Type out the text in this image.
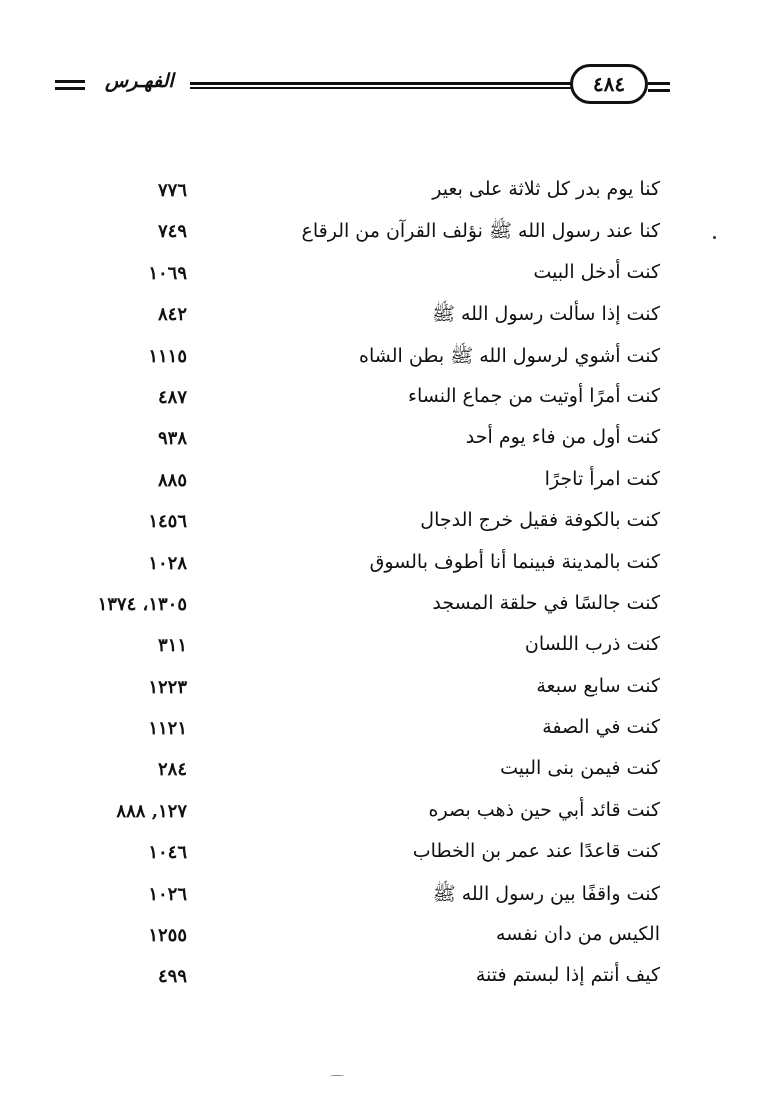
الفهـرس	٤٨٤
كنا يوم بدر كل ثلاثة على بعير
٧٧٦
كنا عند رسول الله ﷺ نؤلف القرآن من الرقاع
٧٤٩
كنت أدخل البيت
١٠٦٩
كنت إذا سألت رسول الله ﷺ
٨٤٢
كنت أشوي لرسول الله ﷺ بطن الشاه
١١١٥
كنت أمرًا أوتيت من جماع النساء
٤٨٧
كنت أول من فاء يوم أحد
٩٣٨
كنت امرأ تاجرًا
٨٨٥
كنت بالكوفة فقيل خرج الدجال
١٤٥٦
كنت بالمدينة فبينما أنا أطوف بالسوق
١٠٢٨
كنت جالسًا في حلقة المسجد
١٣٠٥، ١٣٧٤
كنت ذرب اللسان
٣١١
كنت سابع سبعة
١٢٢٣
كنت في الصفة
١١٢١
كنت فيمن بنى البيت
٢٨٤
كنت قائد أبي حين ذهب بصره
١٢٧, ٨٨٨
كنت قاعدًا عند عمر بن الخطاب
١٠٤٦
كنت واقفًا بين رسول الله ﷺ
١٠٢٦
الكيس من دان نفسه
١٢٥٥
كيف أنتم إذا لبستم فتنة
٤٩٩
